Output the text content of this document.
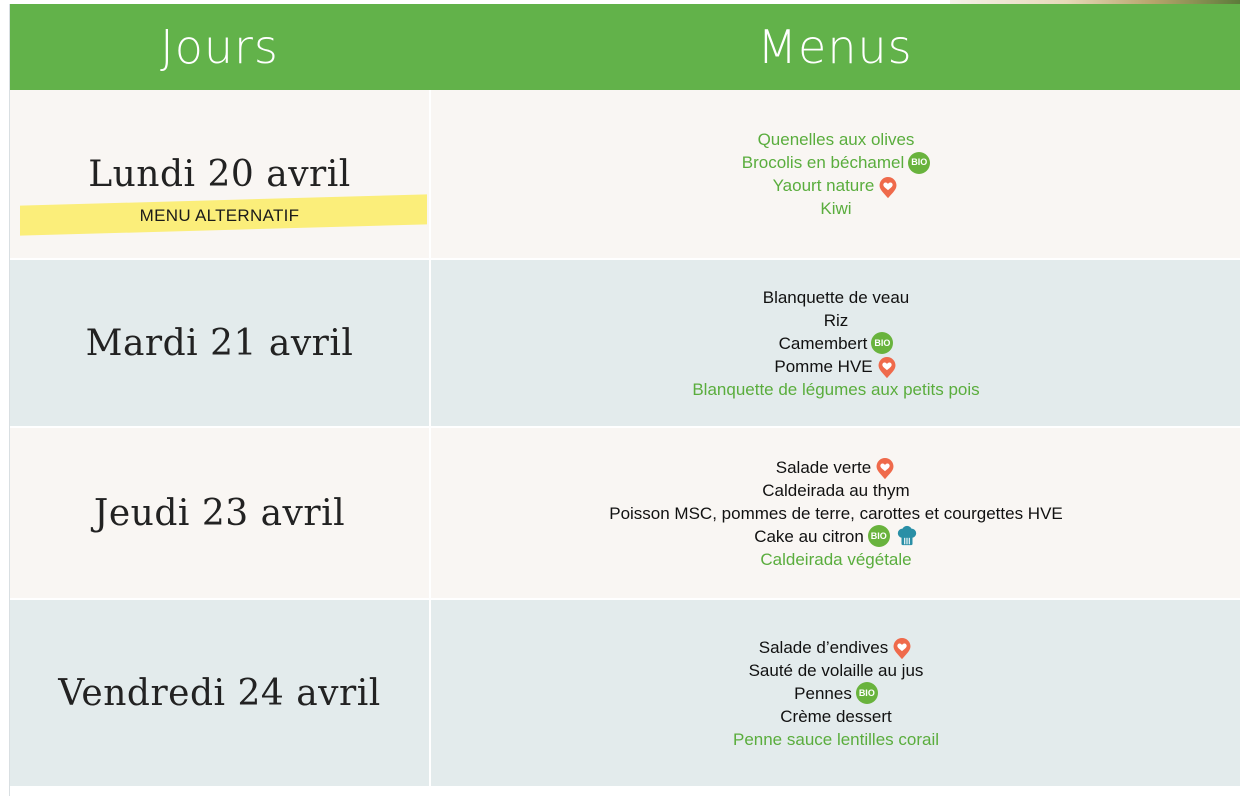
Jours	Menus
Lundi 20 avril
MENU ALTERNATIF
Quenelles aux olives
Brocolis en béchamel BIO
Yaourt nature
Kiwi
Mardi 21 avril
Blanquette de veau
Riz
Camembert BIO
Pomme HVE
Blanquette de légumes aux petits pois
Jeudi 23 avril
Salade verte
Caldeirada au thym
Poisson MSC, pommes de terre, carottes et courgettes HVE
Cake au citron BIO
Caldeirada végétale
Vendredi 24 avril
Salade d’endives
Sauté de volaille au jus
Pennes BIO
Crème dessert
Penne sauce lentilles corail
